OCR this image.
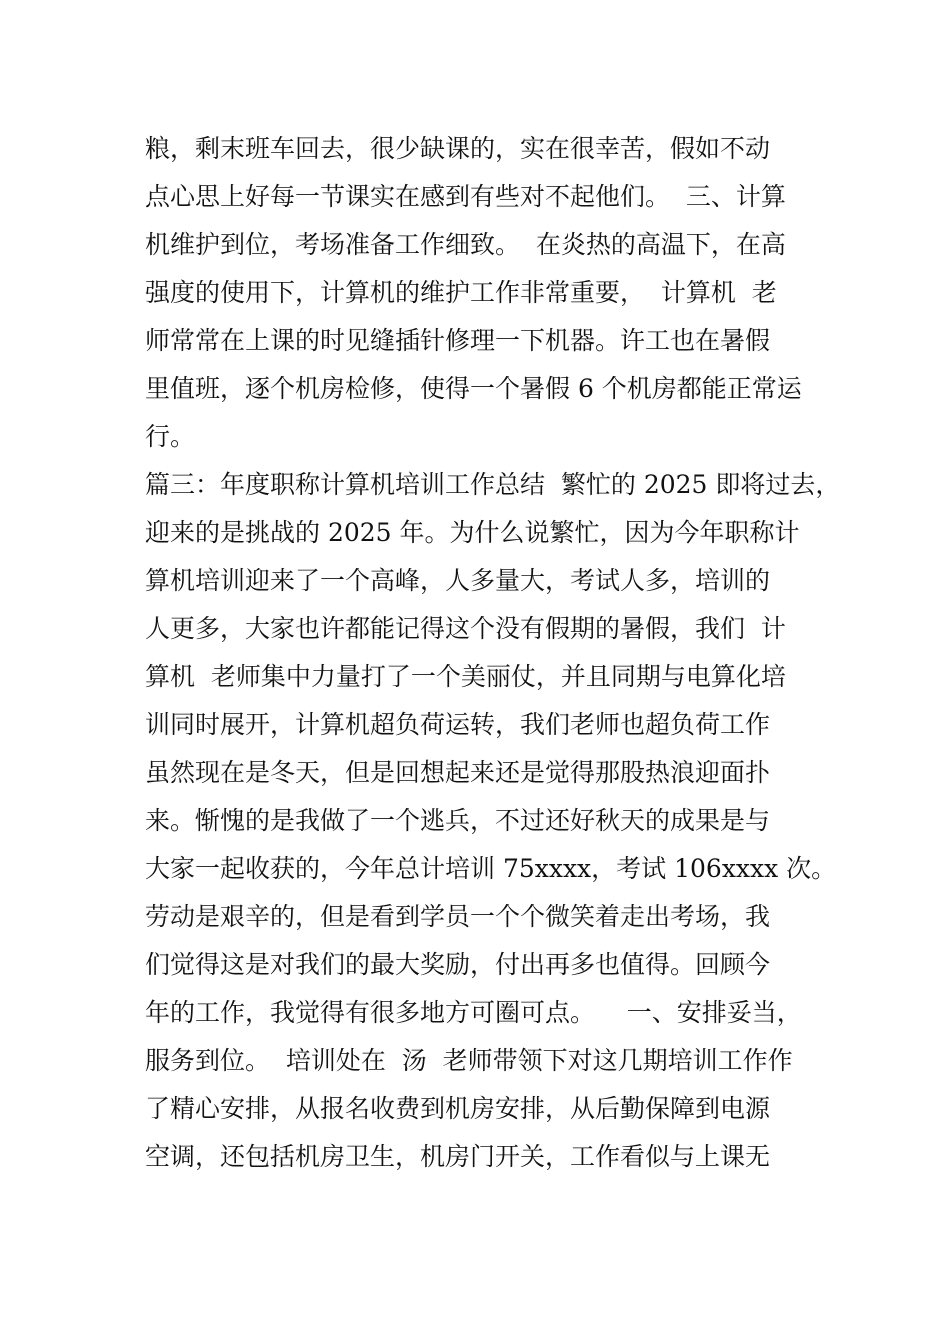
粮，剩末班车回去，很少缺课的，实在很幸苦，假如不动

点心思上好每一节课实在感到有些对不起他们。  三、计算

机维护到位，考场准备工作细致。  在炎热的高温下，在高

强度的使用下，计算机的维护工作非常重要，  计算机  老

师常常在上课的时见缝插针修理一下机器。许工也在暑假

里值班，逐个机房检修，使得一个暑假 6 个机房都能正常运

行。

篇三：年度职称计算机培训工作总结  繁忙的 2025 即将过去，

迎来的是挑战的 2025 年。为什么说繁忙，因为今年职称计

算机培训迎来了一个高峰，人多量大，考试人多，培训的

人更多，大家也许都能记得这个没有假期的暑假，我们  计

算机  老师集中力量打了一个美丽仗，并且同期与电算化培

训同时展开，计算机超负荷运转，我们老师也超负荷工作

虽然现在是冬天，但是回想起来还是觉得那股热浪迎面扑

来。惭愧的是我做了一个逃兵，不过还好秋天的成果是与

大家一起收获的，今年总计培训 75xxxx，考试 106xxxx 次。

劳动是艰辛的，但是看到学员一个个微笑着走出考场，我

们觉得这是对我们的最大奖励，付出再多也值得。回顾今

年的工作，我觉得有很多地方可圈可点。    一、安排妥当，

服务到位。  培训处在  汤  老师带领下对这几期培训工作作

了精心安排，从报名收费到机房安排，从后勤保障到电源

空调，还包括机房卫生，机房门开关，工作看似与上课无
